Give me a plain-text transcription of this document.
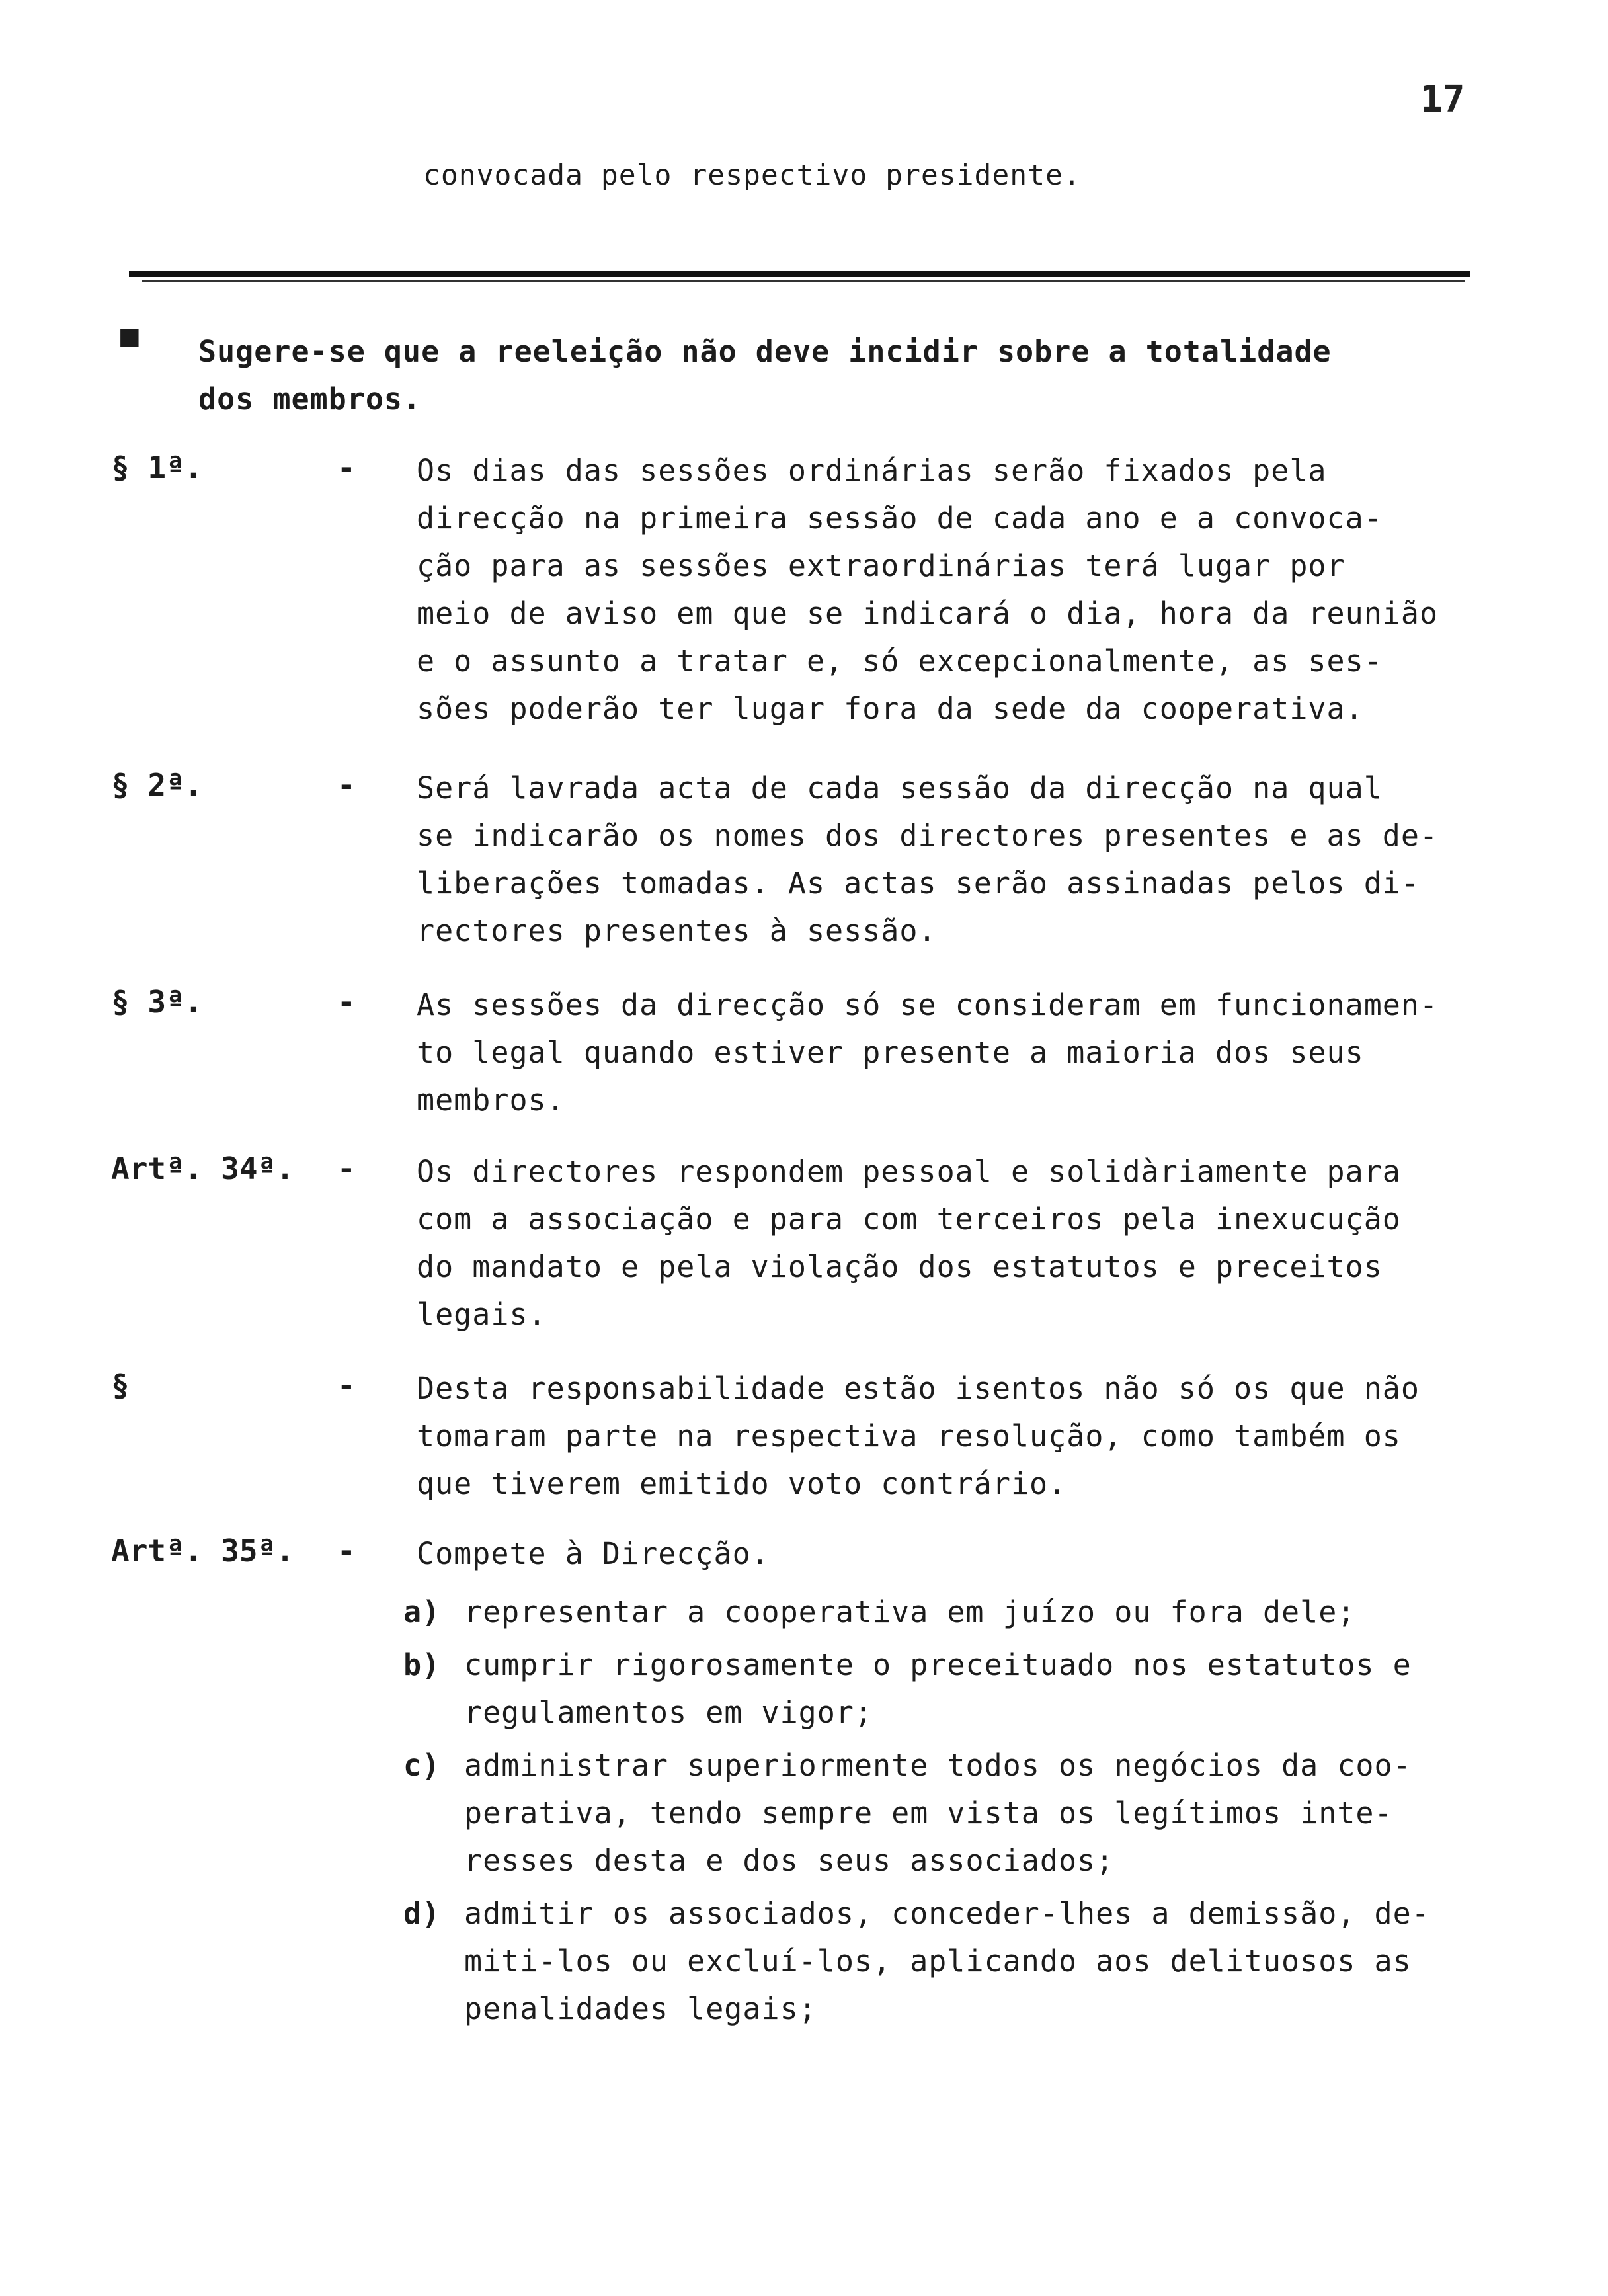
17
convocada pelo respectivo presidente.
■ Sugere-se que a reeleição não deve incidir sobre a totalidade
dos membros.
§ 1ª.	- Os dias das sessões ordinárias serão fixados pela
direcção na primeira sessão de cada ano e a convoca-
ção para as sessões extraordinárias terá lugar por
meio de aviso em que se indicará o dia, hora da reunião
e o assunto a tratar e, só excepcionalmente, as ses-
sões poderão ter lugar fora da sede da cooperativa.
§ 2ª.	- Será lavrada acta de cada sessão da direcção na qual
se indicarão os nomes dos directores presentes e as de-
liberações tomadas. As actas serão assinadas pelos di-
rectores presentes à sessão.
§ 3ª.	- As sessões da direcção só se consideram em funcionamen-
to legal quando estiver presente a maioria dos seus
membros.
Artª. 34ª. - Os directores respondem pessoal e solidàriamente para
com a associação e para com terceiros pela inexucução
do mandato e pela violação dos estatutos e preceitos
legais.
§	- Desta responsabilidade estão isentos não só os que não
tomaram parte na respectiva resolução, como também os
que tiverem emitido voto contrário.
Artª. 35ª. - Compete à Direcção.
a) representar a cooperativa em juízo ou fora dele;
b) cumprir rigorosamente o preceituado nos estatutos e
regulamentos em vigor;
c) administrar superiormente todos os negócios da coo-
perativa, tendo sempre em vista os legítimos inte-
resses desta e dos seus associados;
d) admitir os associados, conceder-lhes a demissão, de-
miti-los ou excluí-los, aplicando aos delituosos as
penalidades legais;
